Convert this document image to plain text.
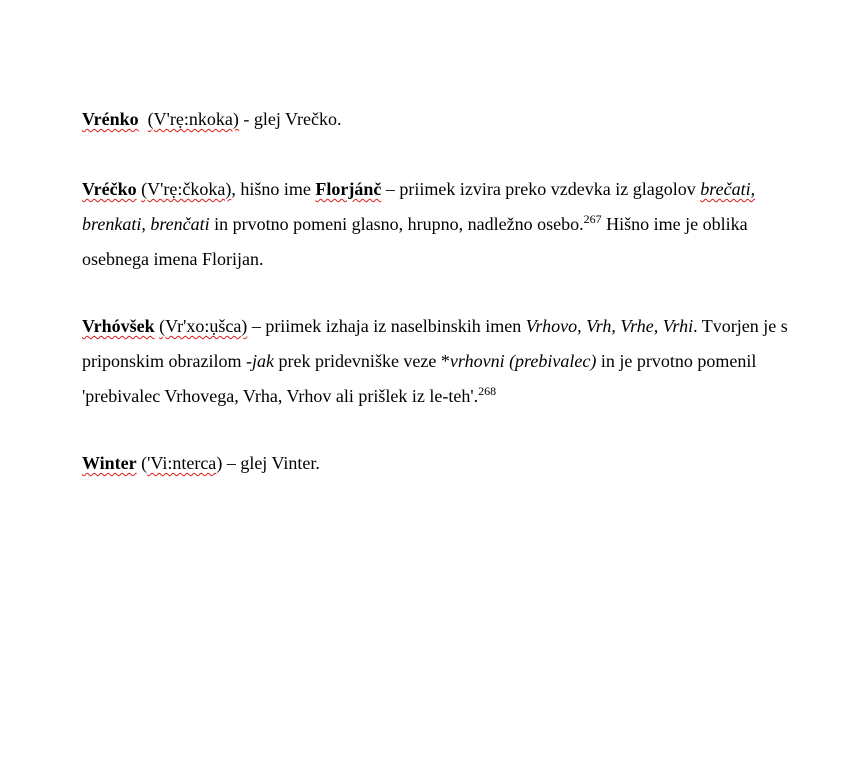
Vrénko (V'rẹ:nkoka) - glej Vrečko.
Vréčko (V'rẹ:čkoka), hišno ime Florjánč – priimek izvira preko vzdevka iz glagolov brečati, brenkati, brenčati in prvotno pomeni glasno, hrupno, nadležno osebo.$^{267}$ Hišno ime je oblika osebnega imena Florijan.
Vrhóvšek (Vr'xo:ụšca) – priimek izhaja iz naselbinskih imen Vrhovo, Vrh, Vrhe, Vrhi. Tvorjen je s priponskim obrazilom -jak prek pridevniške veze *vrhovni (prebivalec) in je prvotno pomenil 'prebivalec Vrhovega, Vrha, Vrhov ali prišlek iz le-teh'.$^{268}$
Winter ('Vi:nterca) – glej Vinter.
